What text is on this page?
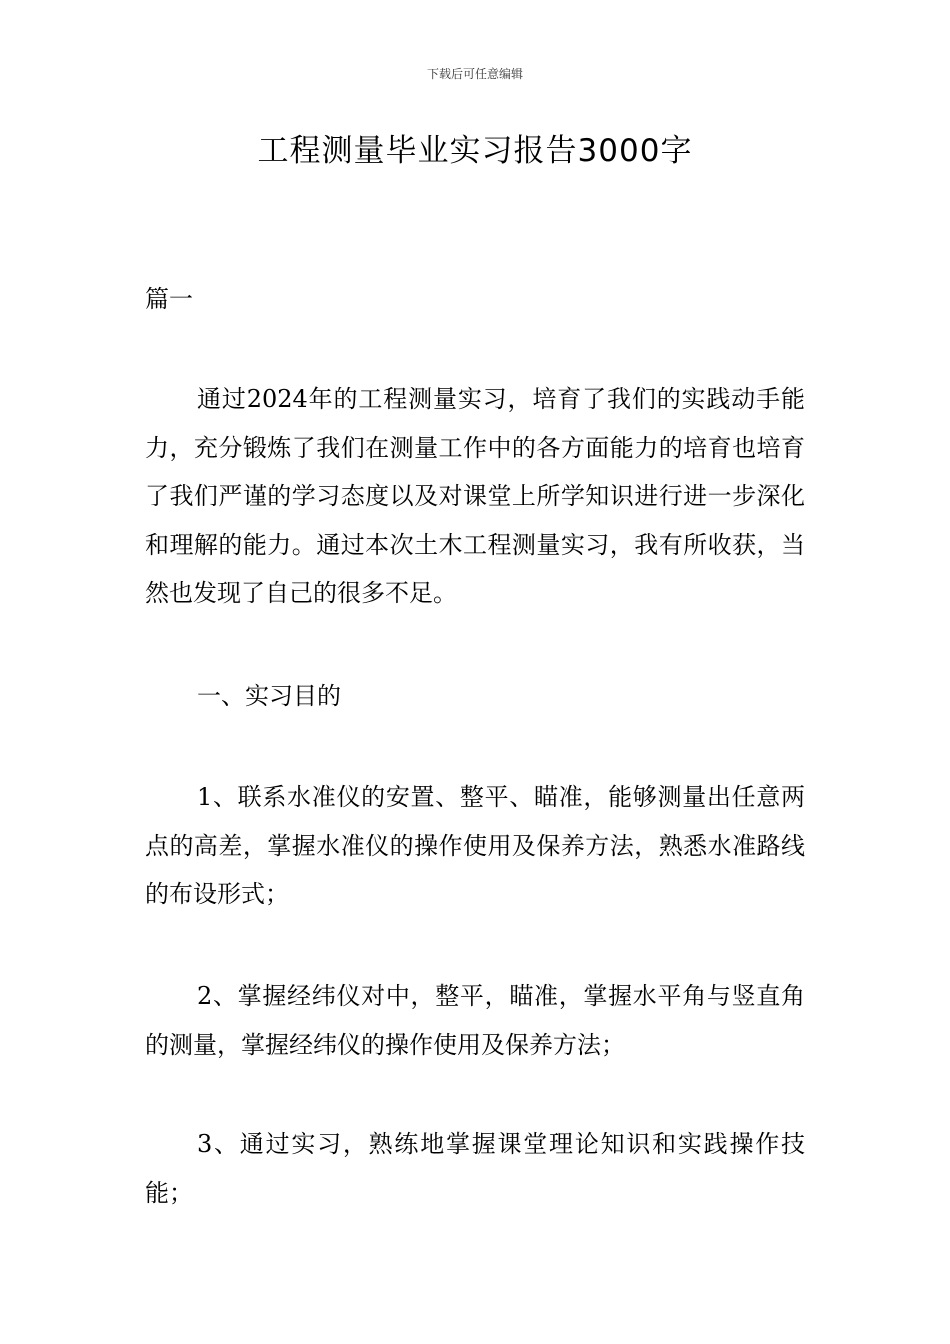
下载后可任意编辑
工程测量毕业实习报告3000字
篇一

通过2024年的工程测量实习，培育了我们的实践动手能力，充分锻炼了我们在测量工作中的各方面能力的培育也培育了我们严谨的学习态度以及对课堂上所学知识进行进一步深化和理解的能力。通过本次土木工程测量实习，我有所收获，当然也发现了自己的很多不足。

一、实习目的

1、联系水准仪的安置、整平、瞄准，能够测量出任意两点的高差，掌握水准仪的操作使用及保养方法，熟悉水准路线的布设形式；

2、掌握经纬仪对中，整平，瞄准，掌握水平角与竖直角的测量，掌握经纬仪的操作使用及保养方法；

3、通过实习，熟练地掌握课堂理论知识和实践操作技能；
